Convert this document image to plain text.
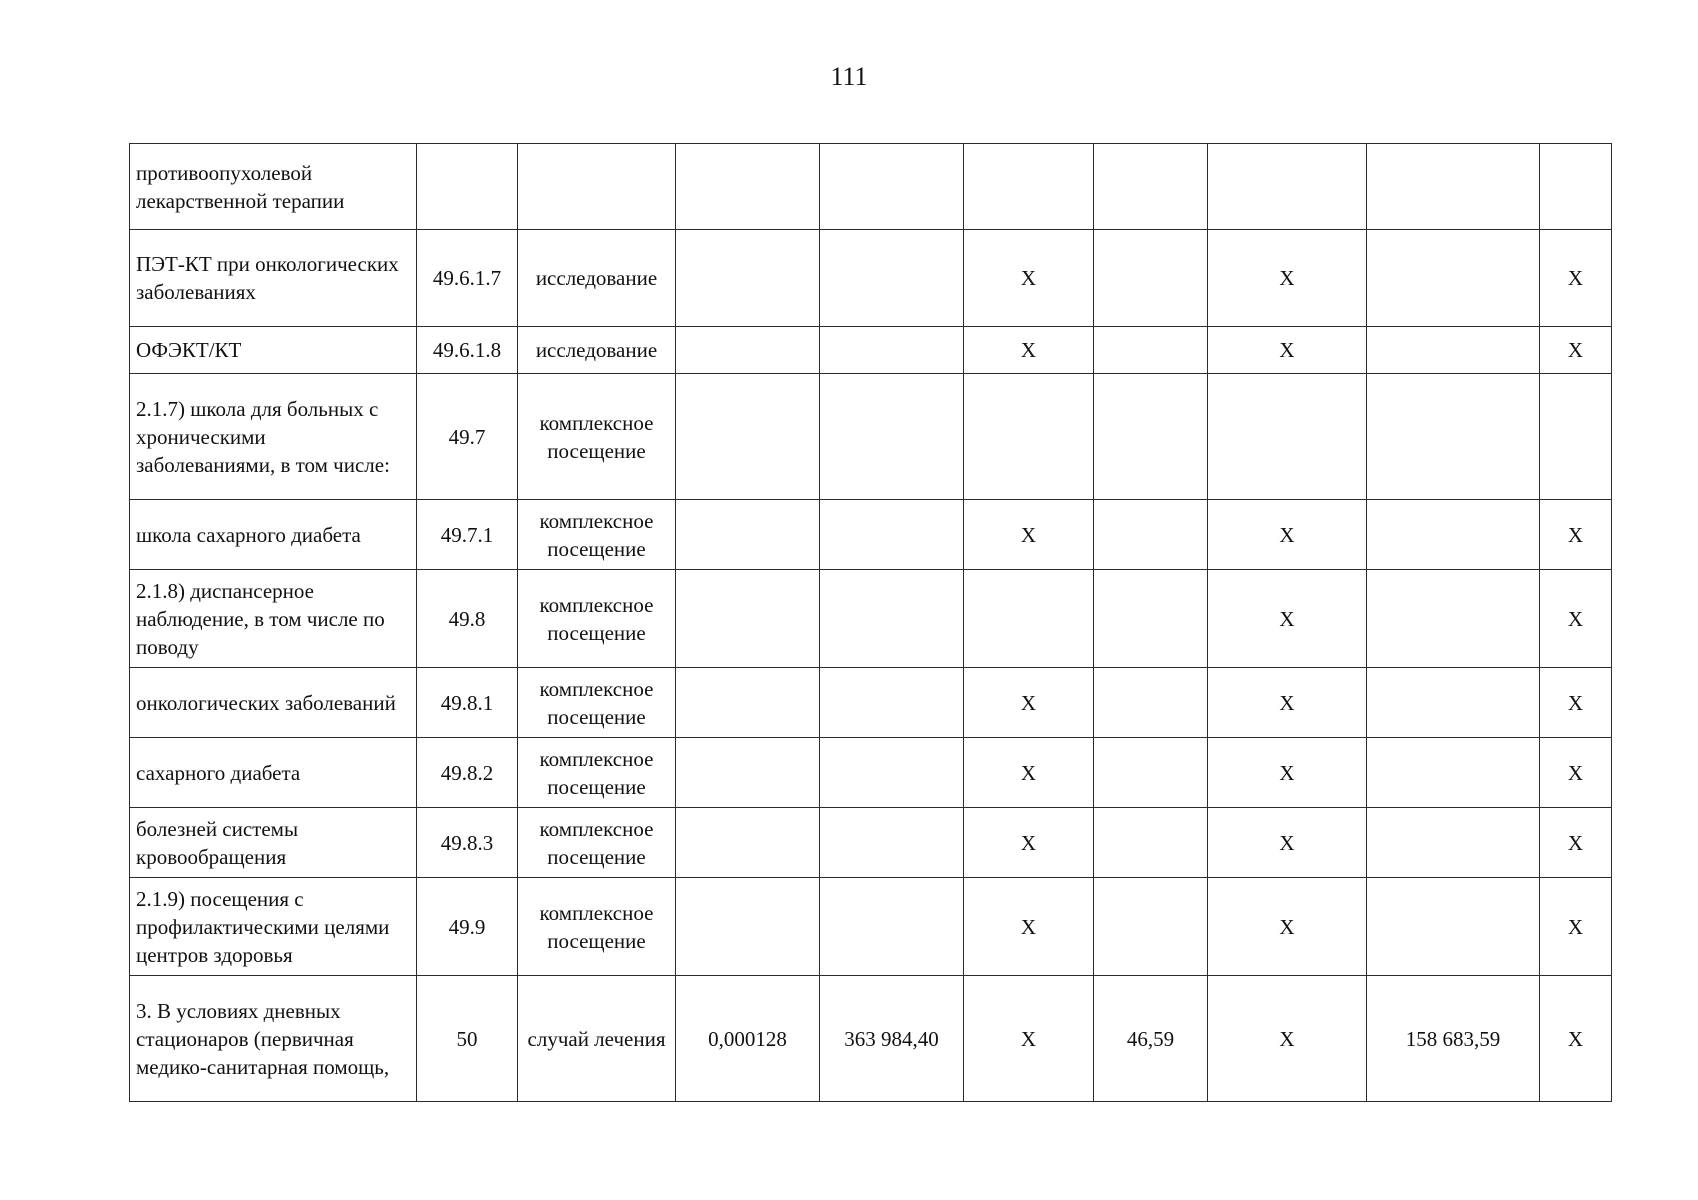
111
противоопухолевой лекарственной терапии									
ПЭТ-КТ при онкологических заболеваниях	49.6.1.7	исследование			X		X		X
ОФЭКТ/КТ	49.6.1.8	исследование			X		X		X
2.1.7) школа для больных с хроническими заболеваниями, в том числе:	49.7	комплексное посещение							
школа сахарного диабета	49.7.1	комплексное посещение			X		X		X
2.1.8) диспансерное наблюдение, в том числе по поводу	49.8	комплексное посещение					X		X
онкологических заболеваний	49.8.1	комплексное посещение			X		X		X
сахарного диабета	49.8.2	комплексное посещение			X		X		X
болезней системы кровообращения	49.8.3	комплексное посещение			X		X		X
2.1.9) посещения с профилактическими целями центров здоровья	49.9	комплексное посещение			X		X		X
3. В условиях дневных стационаров (первичная медико-санитарная помощь,	50	случай лечения	0,000128	363 984,40	X	46,59	X	158 683,59	X
